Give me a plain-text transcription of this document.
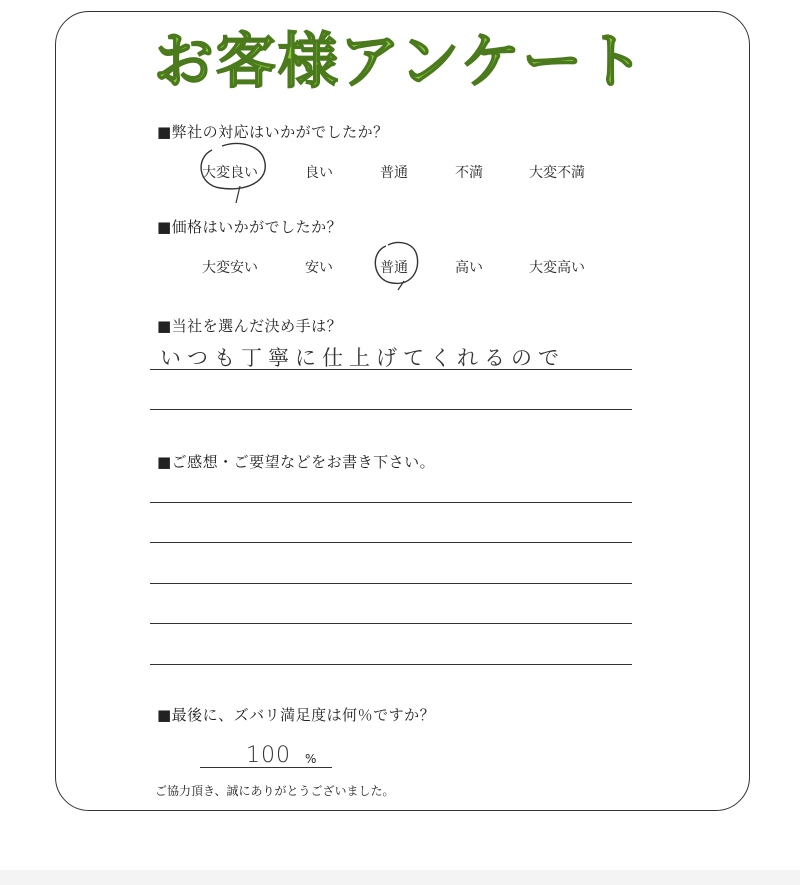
お客様アンケート
■弊社の対応はいかがでしたか？
大変良い	良い	普通	不満	大変不満
■価格はいかがでしたか？
大変安い	安い	普通	高い	大変高い
■当社を選んだ決め手は？
いつも丁寧に仕上げてくれるので
■ご感想・ご要望などをお書き下さい。
■最後に、ズバリ満足度は何％ですか？
100 %
ご協力頂き、誠にありがとうございました。
